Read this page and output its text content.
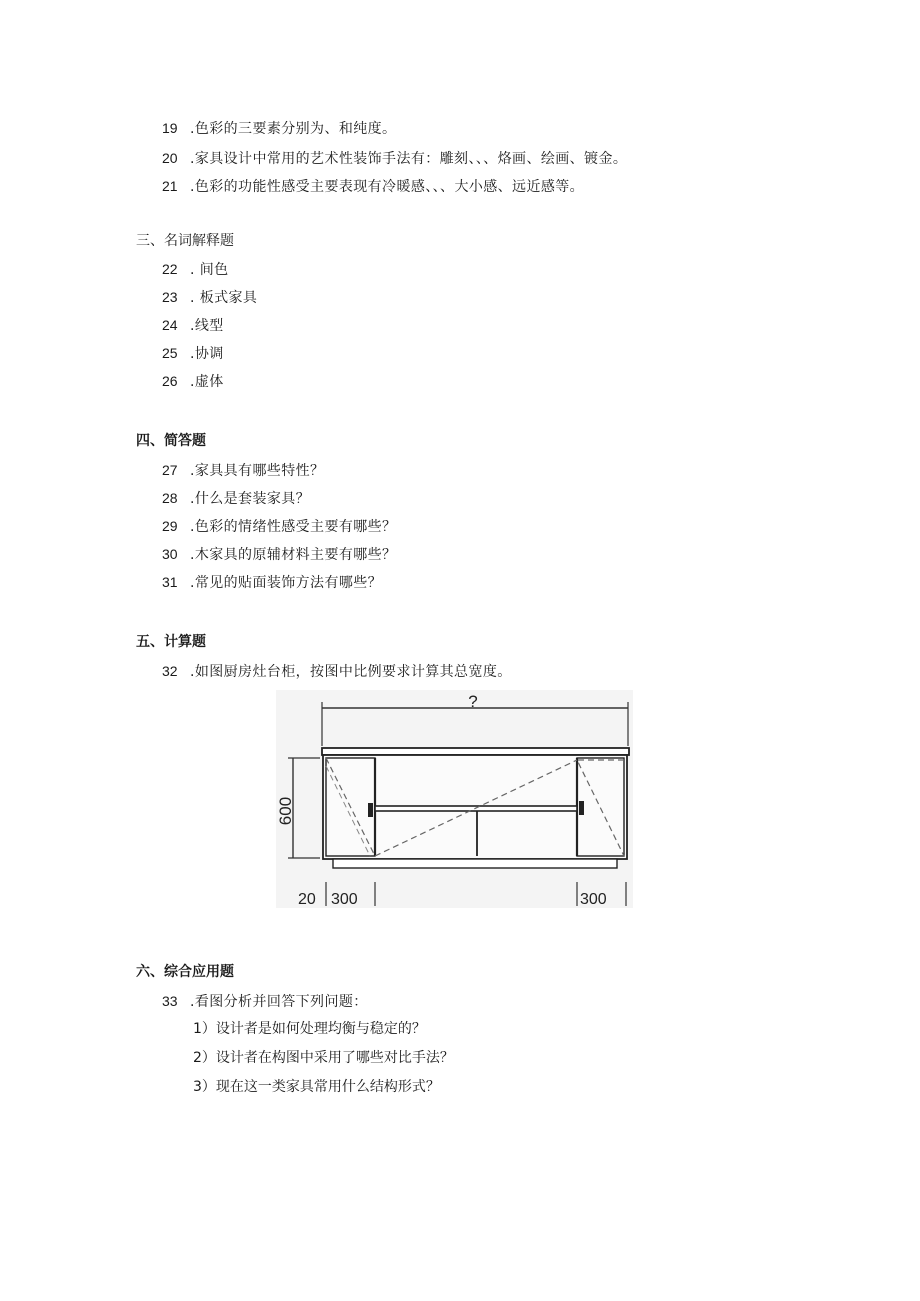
19 .色彩的三要素分别为、和纯度。
20 .家具设计中常用的艺术性装饰手法有：雕刻、、、烙画、绘画、镀金。
21 .色彩的功能性感受主要表现有冷暖感、、、大小感、远近感等。
三、名词解释题
22 . 间色
23 . 板式家具
24 .线型
25 .协调
26 .虚体
四、简答题
27 .家具具有哪些特性？
28 .什么是套装家具？
29 .色彩的情绪性感受主要有哪些？
30 .木家具的原辅材料主要有哪些？
31 .常见的贴面装饰方法有哪些？
五、计算题
32 .如图厨房灶台柜，按图中比例要求计算其总宽度。
?
600
20 300	300
六、综合应用题
33 .看图分析并回答下列问题：
1）设计者是如何处理均衡与稳定的？
2）设计者在构图中采用了哪些对比手法？
3）现在这一类家具常用什么结构形式？
